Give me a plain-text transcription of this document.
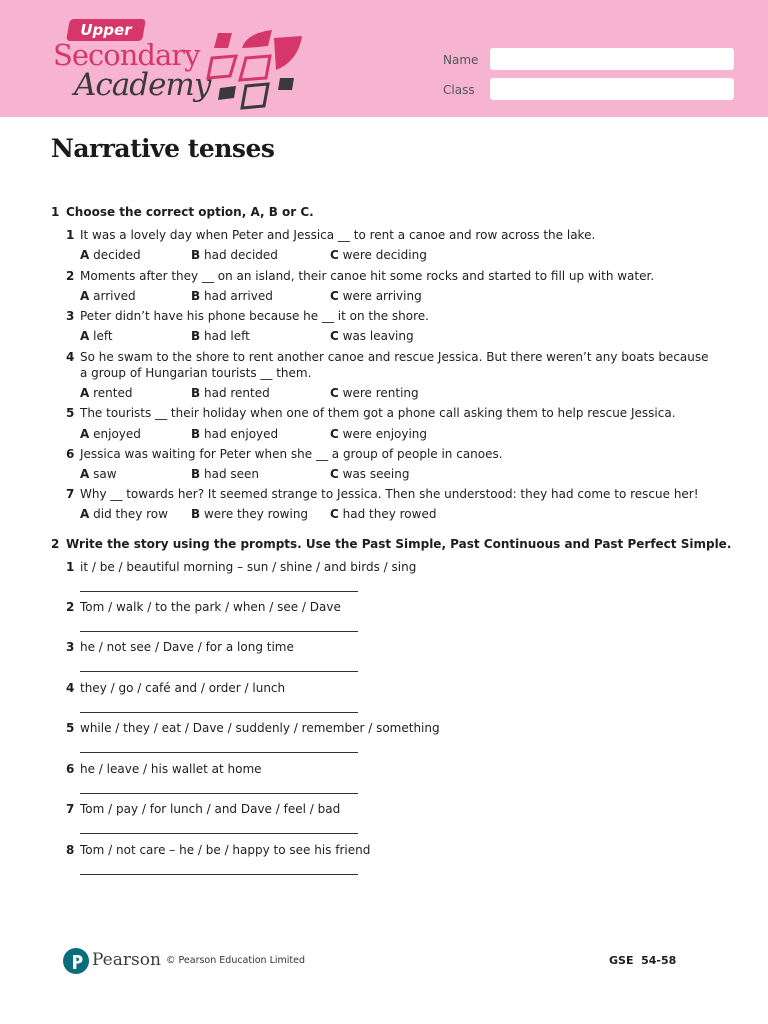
Upper
Secondary
Academy
Name
Class
Narrative tenses
1 Choose the correct option, A, B or C.
1 It was a lovely day when Peter and Jessica __ to rent a canoe and row across the lake.
A decided	B had decided	C were deciding
2 Moments after they __ on an island, their canoe hit some rocks and started to fill up with water.
A arrived	B had arrived	C were arriving
3 Peter didn’t have his phone because he __ it on the shore.
A left	B had left	C was leaving
4 So he swam to the shore to rent another canoe and rescue Jessica. But there weren’t any boats because
a group of Hungarian tourists __ them.
A rented	B had rented	C were renting
5 The tourists __ their holiday when one of them got a phone call asking them to help rescue Jessica.
A enjoyed	B had enjoyed	C were enjoying
6 Jessica was waiting for Peter when she __ a group of people in canoes.
A saw	B had seen	C was seeing
7 Why __ towards her? It seemed strange to Jessica. Then she understood: they had come to rescue her!
A did they row B were they rowing C had they rowed
2 Write the story using the prompts. Use the Past Simple, Past Continuous and Past Perfect Simple.
1 it / be / beautiful morning – sun / shine / and birds / sing
2 Tom / walk / to the park / when / see / Dave
3 he / not see / Dave / for a long time
4 they / go / café and / order / lunch
5 while / they / eat / Dave / suddenly / remember / something
6 he / leave / his wallet at home
7 Tom / pay / for lunch / and Dave / feel / bad
8 Tom / not care – he / be / happy to see his friend
Pearson © Pearson Education Limited	GSE  54-58
